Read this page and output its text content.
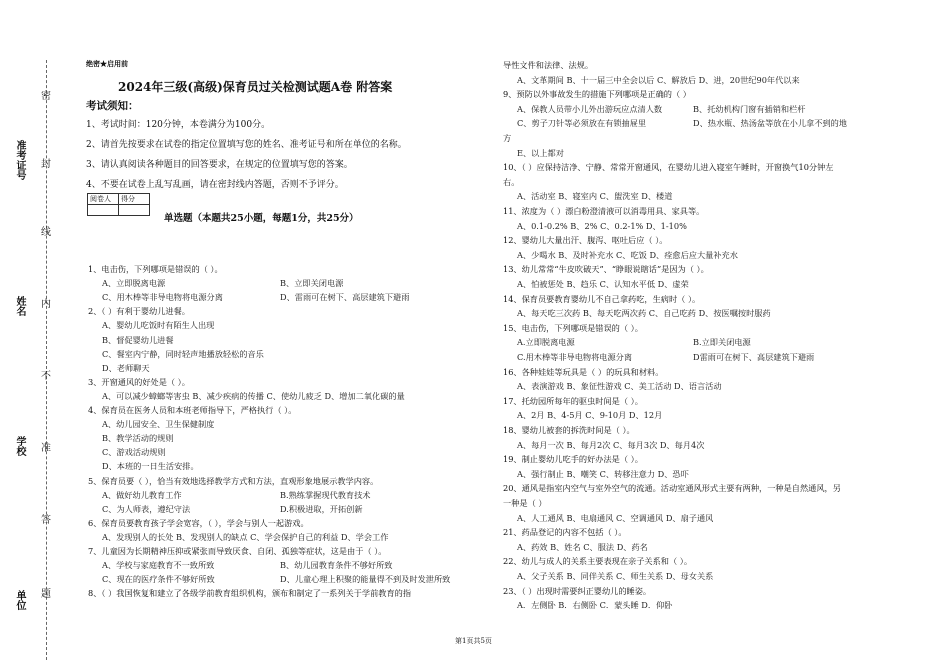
准考证号
姓名
学校
单位
密
封
线
内
不
准
答
题
绝密★启用前
2024年三级(高级)保育员过关检测试题A卷 附答案
考试须知：
1、考试时间：120分钟，本卷满分为100分。
2、请首先按要求在试卷的指定位置填写您的姓名、准考证号和所在单位的名称。
3、请认真阅读各种题目的回答要求，在规定的位置填写您的答案。
4、不要在试卷上乱写乱画，请在密封线内答题，否则不予评分。
阅卷人	得分

单选题（本题共25小题，每题1分，共25分）
1、电击伤，下列哪项是错误的（ ）。
A、立即脱离电源	B、立即关闭电源
C、用木棒等非导电物将电源分离	D、雷雨可在树下、高层建筑下避雨
2、（ ）有利于婴幼儿进餐。
A、婴幼儿吃饭时有陌生人出现
B、督促婴幼儿进餐
C、餐室内宁静，同时轻声地播放轻松的音乐
D、老师聊天
3、开窗通风的好处是（ ）。
A、可以减少蟑螂等害虫 B、减少疾病的传播 C、使幼儿疲乏 D、增加二氧化碳的量
4、保育员在医务人员和本班老师指导下，严格执行（ ）。
A、幼儿园安全、卫生保健制度
B、教学活动的规则
C、游戏活动规则
D、本班的一日生活安排。
5、保育员要（ ），恰当有效地选择教学方式和方法，直观形象地展示教学内容。
A、做好幼儿教育工作	B.熟练掌握现代教育技术
C、为人师表，遵纪守法	D.积极进取，开拓创新
6、保育员要教育孩子学会宽容，（ ），学会与别人一起游戏。
A、发现别人的长处 B、发现别人的缺点 C、学会保护自己的利益 D、学会工作
7、儿童因为长期精神压抑或紧张而导致厌食、自闭、孤独等症状，这是由于（ ）。
A、学校与家庭教育不一致所致	B、幼儿园教育条件不够好所致
C、现在的医疗条件不够好所致	D、儿童心理上积聚的能量得不到及时发泄所致
8、（ ）我国恢复和建立了各级学前教育组织机构，颁布和制定了一系列关于学前教育的指
导性文件和法律、法规。
A、文革期间 B、十一届三中全会以后 C、解放后 D、进，20世纪90年代以来
9、预防以外事故发生的措施下列哪项是正确的（ ）
A、保教人员带小儿外出游玩应点清人数	B、托幼机构门窗有插销和栏杆
C、剪子刀针等必须放在有锁抽屉里	D、热水瓶、热汤盆等放在小儿拿不到的地
方
E、以上都对
10、（ ）应保持洁净、宁静、常常开窗通风，在婴幼儿进入寝室午睡时，开窗换气10分钟左
右。
A、活动室 B、寝室内 C、盥洗室 D、楼道
11、浓度为（ ）漂白粉澄清液可以消毒用具、家具等。
A、0.1-0.2% B、2% C、0.2-1% D、1-10%
12、婴幼儿大量出汗、腹泻、呕吐后应（ ）。
A、少喝水 B、及时补充水 C、吃饭 D、痊愈后应大量补充水
13、幼儿常常“牛皮吹破天”、“睁眼说瞎话”是因为（ ）。
A、怕被惩处 B、趋乐 C、认知水平低 D、虚荣
14、保育员要教育婴幼儿不自己拿药吃，生病时（ ）。
A、每天吃三次药 B、每天吃两次药 C、自己吃药 D、按医嘱按时服药
15、电击伤，下列哪项是错误的（ ）。
A.立即脱离电源	B.立即关闭电源
C.用木棒等非导电物将电源分离	D雷雨可在树下、高层建筑下避雨
16、各种娃娃等玩具是（ ）的玩具和材料。
A、表演游戏 B、象征性游戏 C、美工活动 D、语言活动
17、托幼园所每年的驱虫时间是（ ）。
A、2月 B、4-5月 C、9-10月 D、12月
18、婴幼儿被套的拆洗时间是（ ）。
A、每月一次 B、每月2次 C、每月3次 D、每月4次
19、制止婴幼儿吃手的好办法是（ ）。
A、强行制止 B、嘲笑 C、转移注意力 D、恐吓
20、通风是指室内空气与室外空气的流通。活动室通风形式主要有两种，一种是自然通风，另
一种是（ ）
A、人工通风 B、电扇通风 C、空调通风 D、扇子通风
21、药品登记的内容不包括（ ）。
A、药效 B、姓名 C、服法 D、药名
22、幼儿与成人的关系主要表现在亲子关系和（ ）。
A、父子关系 B、同伴关系 C、师生关系 D、母女关系
23、（ ）出现时需要纠正婴幼儿的睡姿。
A．左侧卧 B．右侧卧 C．蒙头睡 D．仰卧
第1页共5页
